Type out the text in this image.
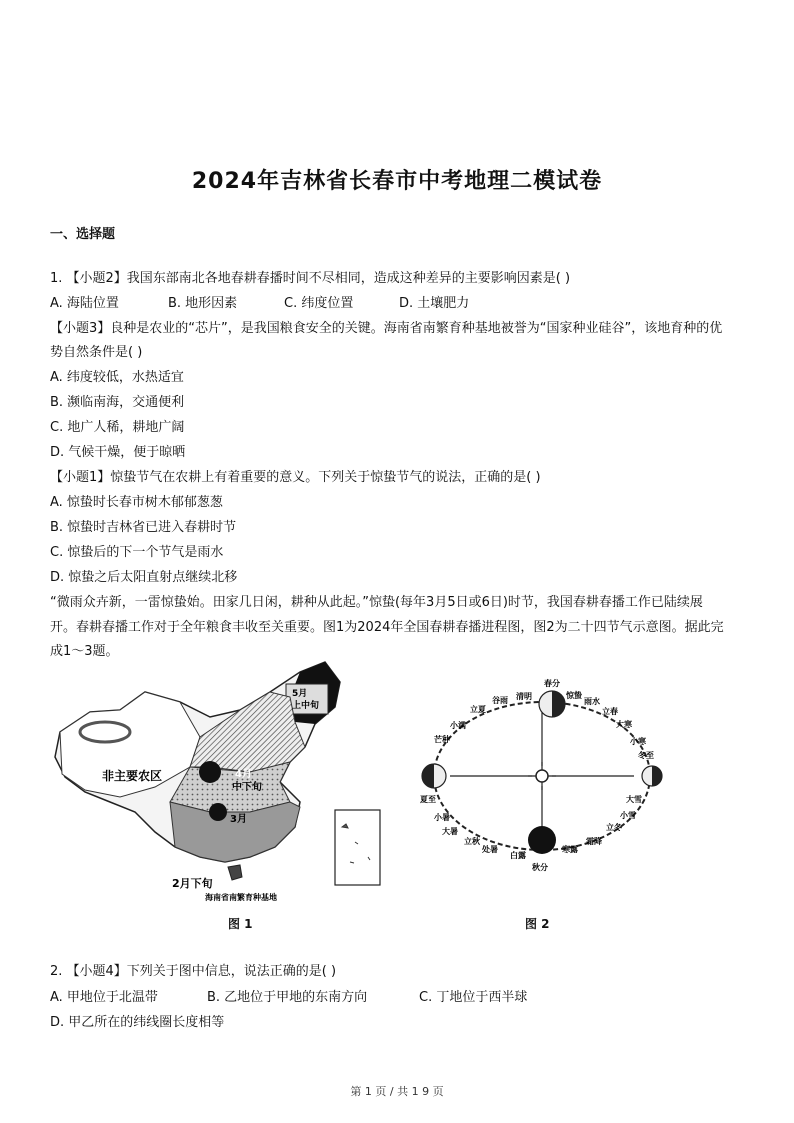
2024年吉林省长春市中考地理二模试卷
一、选择题
1. 【小题2】我国东部南北各地春耕春播时间不尽相同，造成这种差异的主要影响因素是( )
A. 海陆位置	B. 地形因素	C. 纬度位置	D. 土壤肥力
【小题3】良种是农业的“芯片”，是我国粮食安全的关键。海南省南繁育种基地被誉为“国家种业硅谷”，该地育种的优
势自然条件是( )
A. 纬度较低，水热适宜
B. 濒临南海，交通便利
C. 地广人稀，耕地广阔
D. 气候干燥，便于晾晒
【小题1】惊蛰节气在农耕上有着重要的意义。下列关于惊蛰节气的说法，正确的是( )
A. 惊蛰时长春市树木郁郁葱葱
B. 惊蛰时吉林省已进入春耕时节
C. 惊蛰后的下一个节气是雨水
D. 惊蛰之后太阳直射点继续北移
“微雨众卉新，一雷惊蛰始。田家几日闲，耕种从此起。”惊蛰(每年3月5日或6日)时节，我国春耕春播工作已陆续展
开。春耕春播工作对于全年粮食丰收至关重要。图1为2024年全国春耕春播进程图，图2为二十四节气示意图。据此完
成1～3题。
非主要农区	4月
中下旬
3月
5月
上中旬
2月下旬
海南省南繁育种基地
图 1
春分
清明
谷雨
立夏
小满
芒种
夏至
小暑
大暑
立秋
处暑
白露
秋分
寒露
霜降
立冬
小雪
大雪
冬至
小寒
大寒
立春
雨水
惊蛰
图 2
2. 【小题4】下列关于图中信息，说法正确的是( )
A. 甲地位于北温带	B. 乙地位于甲地的东南方向	C. 丁地位于西半球
D. 甲乙所在的纬线圈长度相等
第 1 页 / 共 1 9 页
